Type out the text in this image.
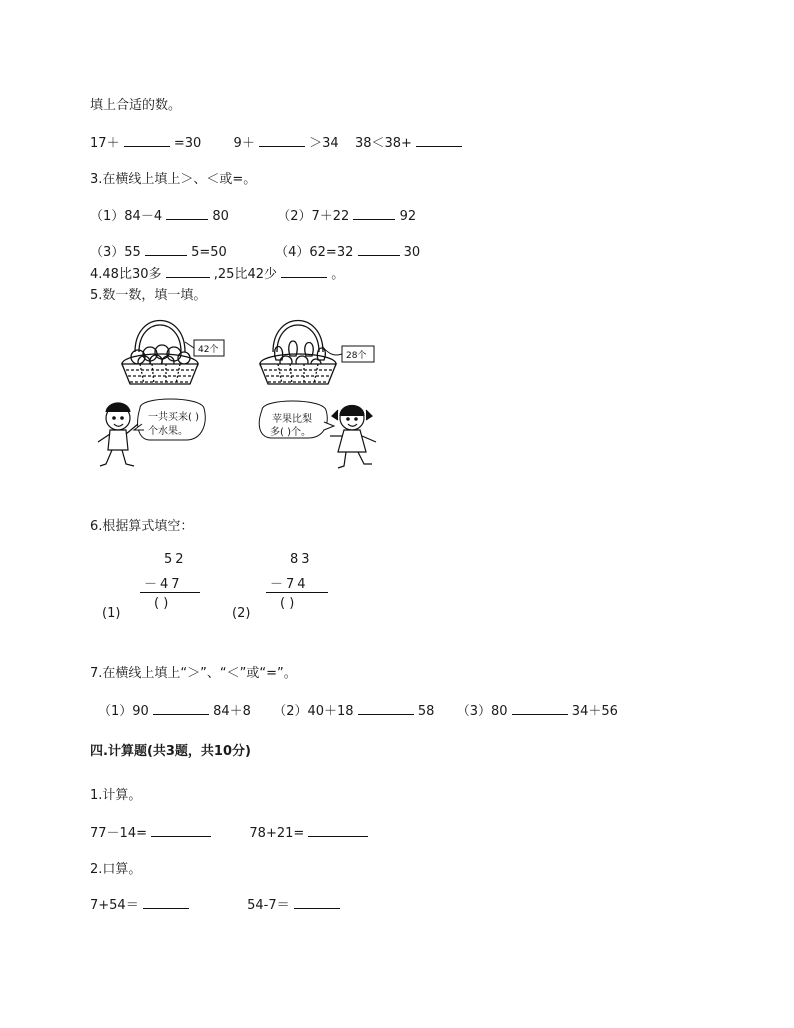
填上合适的数。
17＋	=30 9＋	＞34 38＜38+
3.在横线上填上＞、＜或=。
（1）84－4	80	（2）7＋22	92
（3）55	5=50	（4）62=32	30
4.48比30多	,25比42少	。
5.数一数，填一填。
42个
28个
一共买来( )
个水果。
苹果比梨
多( )个。
6.根据算式填空：
52
－47
( )
(1)
83
－74
( )
(2)
7.在横线上填上“＞”、“＜”或“=”。
（1）90	84＋8 （2）40＋18	58 （3）80	34＋56
四.计算题(共3题，共10分)
1.计算。
77－14=	78+21=
2.口算。
7+54＝	54-7＝
